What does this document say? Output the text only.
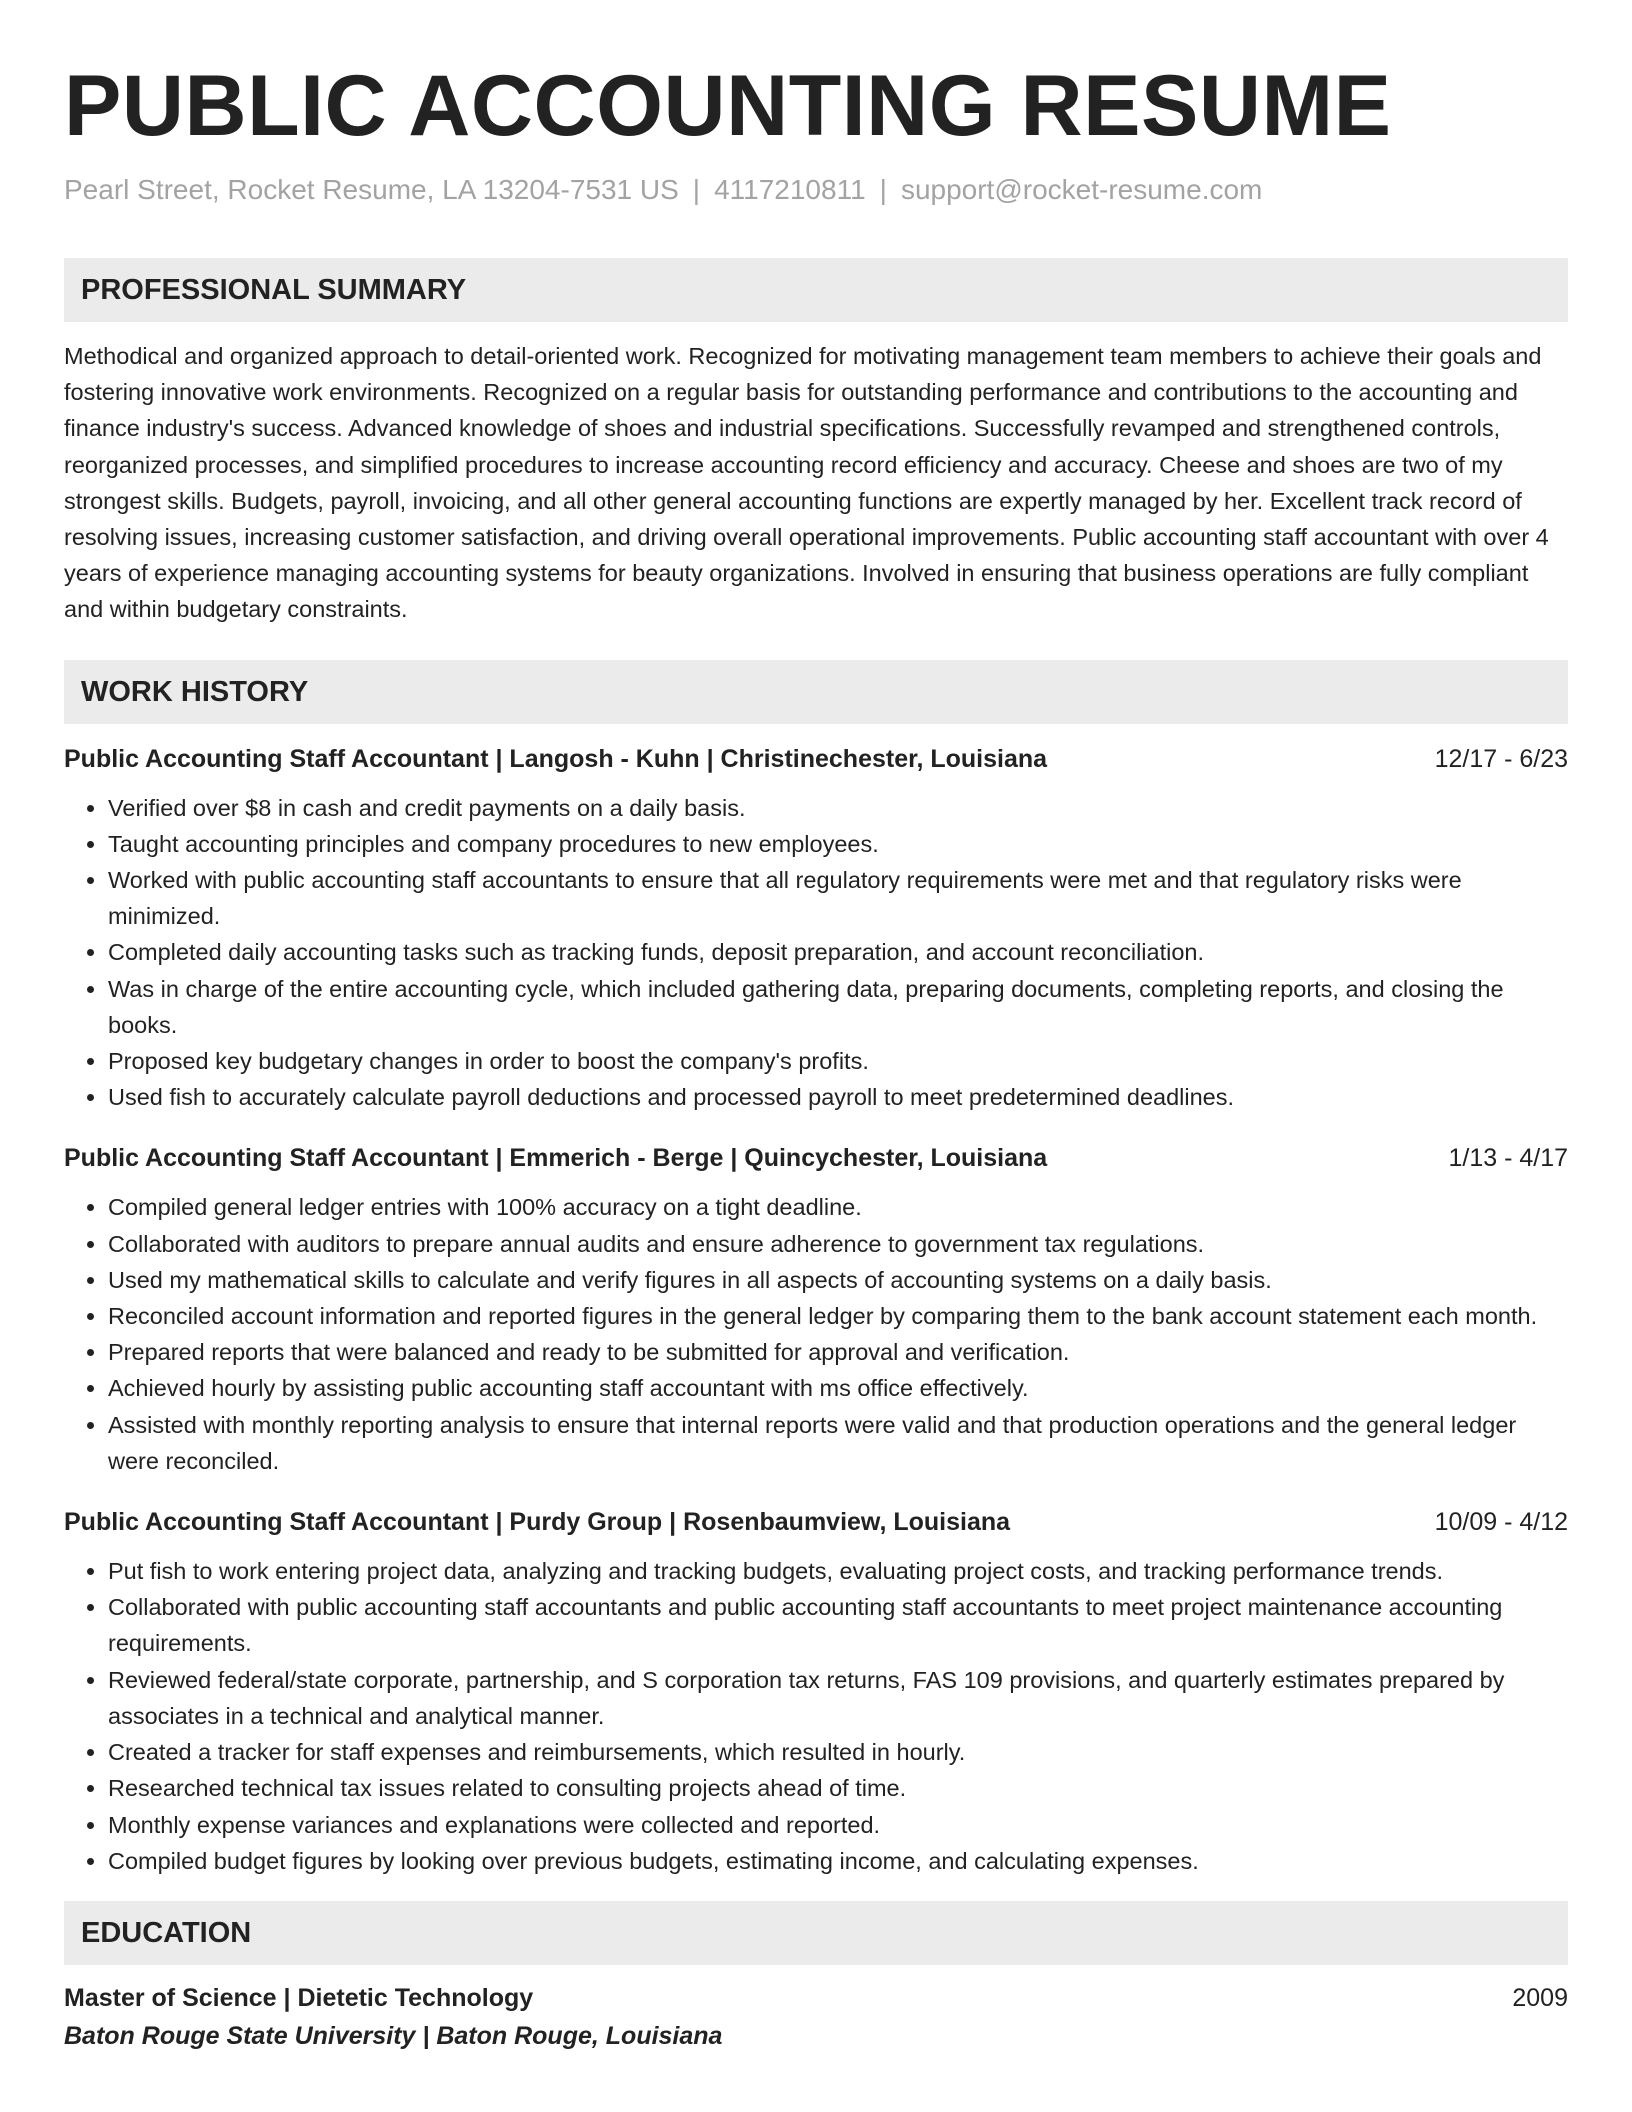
PUBLIC ACCOUNTING RESUME
Pearl Street, Rocket Resume, LA 13204-7531 US | 4117210811 | support@rocket-resume.com
PROFESSIONAL SUMMARY
Methodical and organized approach to detail-oriented work. Recognized for motivating management team members to achieve their goals and fostering innovative work environments. Recognized on a regular basis for outstanding performance and contributions to the accounting and finance industry's success. Advanced knowledge of shoes and industrial specifications. Successfully revamped and strengthened controls, reorganized processes, and simplified procedures to increase accounting record efficiency and accuracy. Cheese and shoes are two of my strongest skills. Budgets, payroll, invoicing, and all other general accounting functions are expertly managed by her. Excellent track record of resolving issues, increasing customer satisfaction, and driving overall operational improvements. Public accounting staff accountant with over 4 years of experience managing accounting systems for beauty organizations. Involved in ensuring that business operations are fully compliant and within budgetary constraints.
WORK HISTORY
Public Accounting Staff Accountant | Langosh - Kuhn | Christinechester, Louisiana	12/17 - 6/23
• Verified over $8 in cash and credit payments on a daily basis.
• Taught accounting principles and company procedures to new employees.
• Worked with public accounting staff accountants to ensure that all regulatory requirements were met and that regulatory risks were minimized.
• Completed daily accounting tasks such as tracking funds, deposit preparation, and account reconciliation.
• Was in charge of the entire accounting cycle, which included gathering data, preparing documents, completing reports, and closing the books.
• Proposed key budgetary changes in order to boost the company's profits.
• Used fish to accurately calculate payroll deductions and processed payroll to meet predetermined deadlines.
Public Accounting Staff Accountant | Emmerich - Berge | Quincychester, Louisiana	1/13 - 4/17
• Compiled general ledger entries with 100% accuracy on a tight deadline.
• Collaborated with auditors to prepare annual audits and ensure adherence to government tax regulations.
• Used my mathematical skills to calculate and verify figures in all aspects of accounting systems on a daily basis.
• Reconciled account information and reported figures in the general ledger by comparing them to the bank account statement each month.
• Prepared reports that were balanced and ready to be submitted for approval and verification.
• Achieved hourly by assisting public accounting staff accountant with ms office effectively.
• Assisted with monthly reporting analysis to ensure that internal reports were valid and that production operations and the general ledger were reconciled.
Public Accounting Staff Accountant | Purdy Group | Rosenbaumview, Louisiana	10/09 - 4/12
• Put fish to work entering project data, analyzing and tracking budgets, evaluating project costs, and tracking performance trends.
• Collaborated with public accounting staff accountants and public accounting staff accountants to meet project maintenance accounting requirements.
• Reviewed federal/state corporate, partnership, and S corporation tax returns, FAS 109 provisions, and quarterly estimates prepared by associates in a technical and analytical manner.
• Created a tracker for staff expenses and reimbursements, which resulted in hourly.
• Researched technical tax issues related to consulting projects ahead of time.
• Monthly expense variances and explanations were collected and reported.
• Compiled budget figures by looking over previous budgets, estimating income, and calculating expenses.
EDUCATION
Master of Science | Dietetic Technology	2009
Baton Rouge State University | Baton Rouge, Louisiana
